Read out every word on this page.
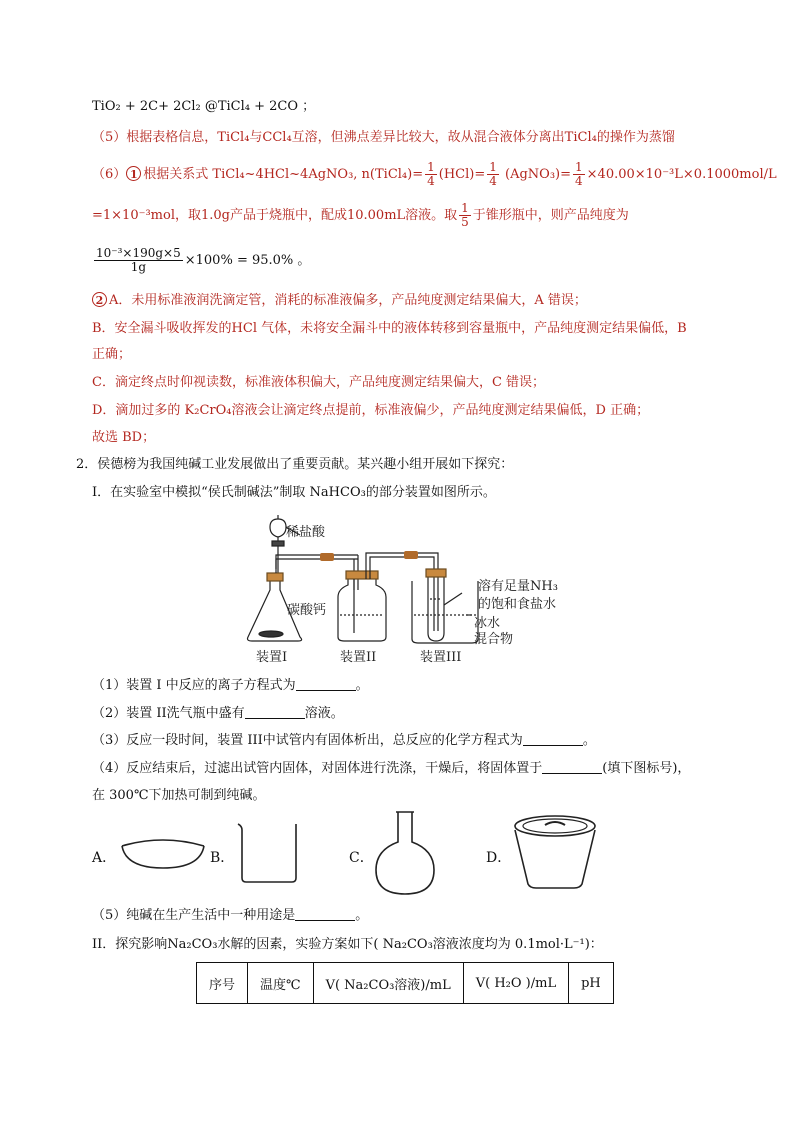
TiO₂ + 2C+ 2Cl₂ @TiCl₄ + 2CO ；
（5）根据表格信息，TiCl₄与CCl₄互溶，但沸点差异比较大，故从混合液体分离出TiCl₄的操作为蒸馏
（6） 1 根据关系式 TiCl₄~4HCl~4AgNO₃, n(TiCl₄)= $\frac{1}{4} (HCl)= \frac{1}{4}$ (AgNO₃)= $\frac{1}{4} \times 40.00\times 10^{-3}L\times 0.1000mol/L$
=1×10⁻³mol，取1.0g产品于烧瓶中，配成10.00mL溶液。取 $\frac{1}{5}$ 于锥形瓶中，则产品纯度为
$\frac{\text{10⁻³×190g×5}}{1g} \times 100\% = 95.0\%$ 。
2 A．未用标准液润洗滴定管，消耗的标准液偏多，产品纯度测定结果偏大，A 错误；
B．安全漏斗吸收挥发的HCl 气体，未将安全漏斗中的液体转移到容量瓶中，产品纯度测定结果偏低，B
正确；
C．滴定终点时仰视读数，标准液体积偏大，产品纯度测定结果偏大，C 错误；
D．滴加过多的 K₂CrO₄溶液会让滴定终点提前，标准液偏少，产品纯度测定结果偏低，D 正确；
故选 BD；
2．侯德榜为我国纯碱工业发展做出了重要贡献。某兴趣小组开展如下探究：
I．在实验室中模拟“侯氏制碱法”制取 NaHCO₃的部分装置如图所示。
稀盐酸
碳酸钙
溶有足量NH₃
的饱和食盐水
冰水
混合物
装置I	装置II	装置III
（1）装置 I 中反应的离子方程式为	。
（2）装置 II洗气瓶中盛有	溶液。
（3）反应一段时间，装置 III中试管内有固体析出，总反应的化学方程式为	。
（4）反应结束后，过滤出试管内固体，对固体进行洗涤，干燥后，将固体置于	(填下图标号)，
在 300℃下加热可制到纯碱。
A．	B．	C．	D．
（5）纯碱在生产生活中一种用途是	。
II．探究影响Na₂CO₃水解的因素，实验方案如下( Na₂CO₃溶液浓度均为 0.1mol·L⁻¹)：
序号	温度℃	V( Na₂CO₃溶液)/mL	V( H₂O )/mL	pH
